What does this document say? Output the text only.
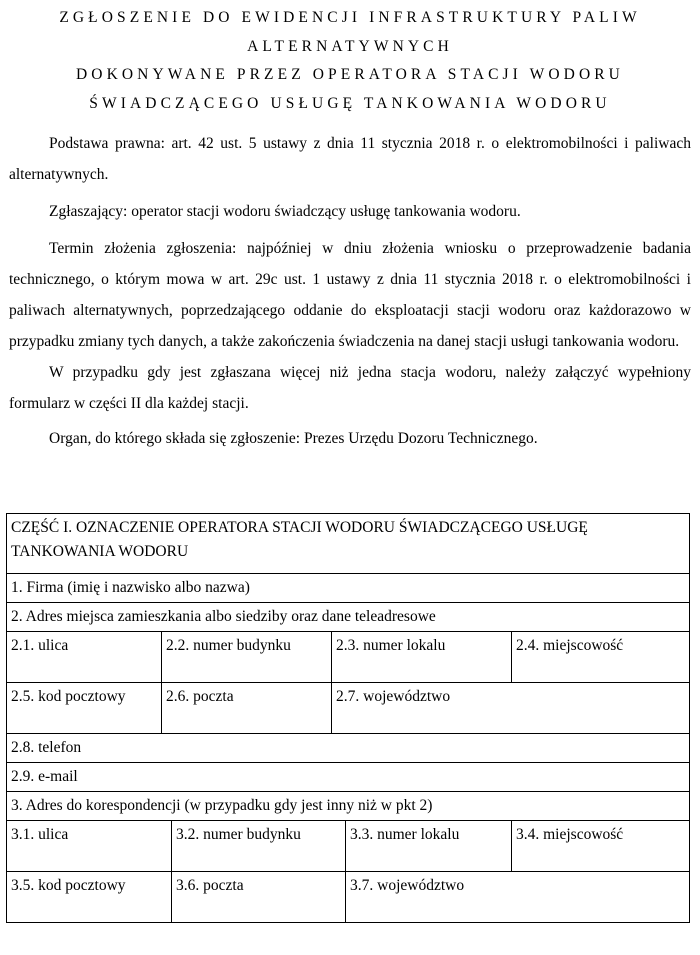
ZGŁOSZENIE DO EWIDENCJI INFRASTRUKTURY PALIW
ALTERNATYWNYCH
DOKONYWANE PRZEZ OPERATORA STACJI WODORU
ŚWIADCZĄCEGO USŁUGĘ TANKOWANIA WODORU

Podstawa prawna: art. 42 ust. 5 ustawy z dnia 11 stycznia 2018 r. o elektromobilności i paliwach alternatywnych.

Zgłaszający: operator stacji wodoru świadczący usługę tankowania wodoru.

Termin złożenia zgłoszenia: najpóźniej w dniu złożenia wniosku o przeprowadzenie badania technicznego, o którym mowa w art. 29c ust. 1 ustawy z dnia 11 stycznia 2018 r. o elektromobilności i paliwach alternatywnych, poprzedzającego oddanie do eksploatacji stacji wodoru oraz każdorazowo w przypadku zmiany tych danych, a także zakończenia świadczenia na danej stacji usługi tankowania wodoru.

W przypadku gdy jest zgłaszana więcej niż jedna stacja wodoru, należy załączyć wypełniony formularz w części II dla każdej stacji.

Organ, do którego składa się zgłoszenie: Prezes Urzędu Dozoru Technicznego.

CZĘŚĆ I. OZNACZENIE OPERATORA STACJI WODORU ŚWIADCZĄCEGO USŁUGĘ TANKOWANIA WODORU					
1. Firma (imię i nazwisko albo nazwa)					
2. Adres miejsca zamieszkania albo siedziby oraz dane teleadresowe					
2.1. ulica	2.2. numer budynku		2.3. numer lokalu		2.4. miejscowość
2.5. kod pocztowy	2.6. poczta		2.7. województwo		
2.8. telefon					
2.9. e-mail					
3. Adres do korespondencji (w przypadku gdy jest inny niż w pkt 2)					
3.1. ulica		3.2. numer budynku		3.3. numer lokalu	3.4. miejscowość
3.5. kod pocztowy		3.6. poczta		3.7. województwo	
